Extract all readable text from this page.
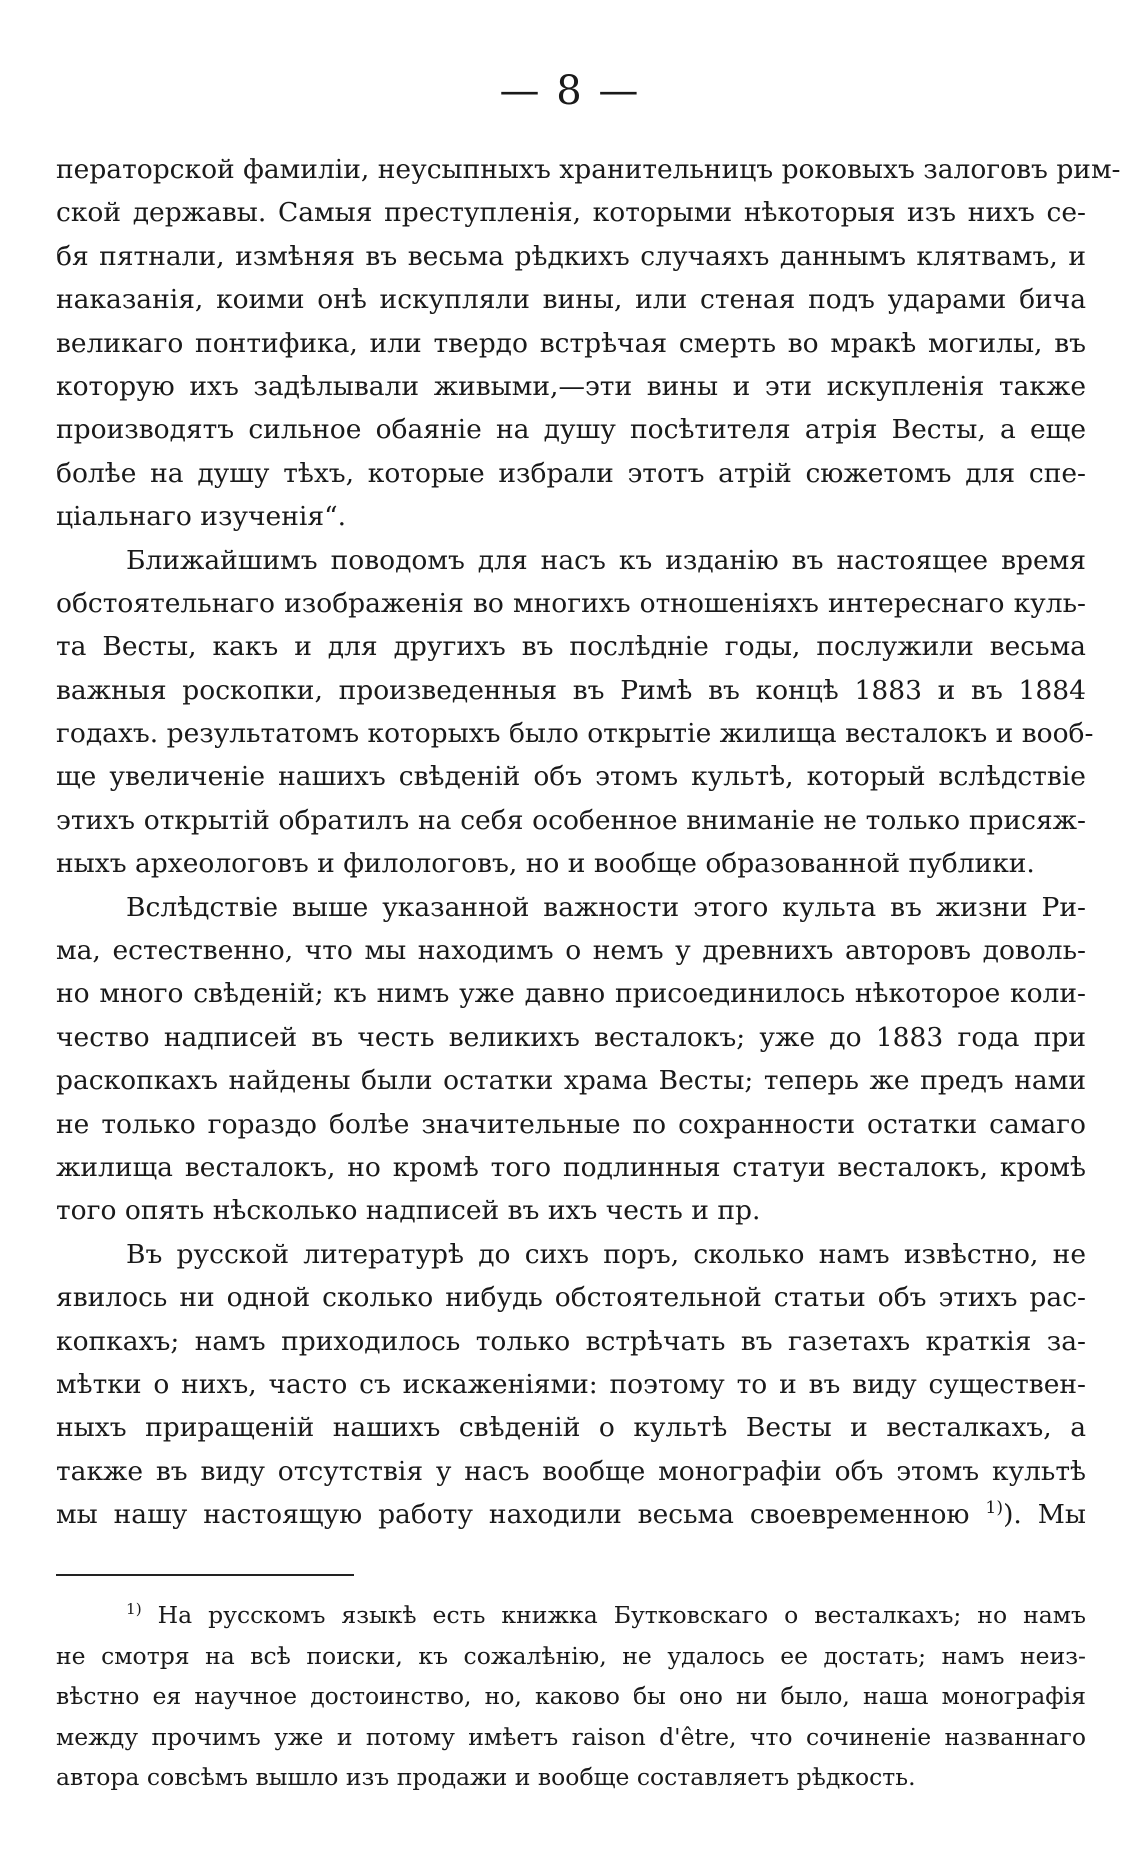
— 8 —
ператорской фамиліи, неусыпныхъ хранительницъ роковыхъ залоговъ рим-
ской державы. Самыя преступленія, которыми нѣкоторыя изъ нихъ се-
бя пятнали, измѣняя въ весьма рѣдкихъ случаяхъ даннымъ клятвамъ, и
наказанія, коими онѣ искупляли вины, или стеная подъ ударами бича
великаго понтифика, или твердо встрѣчая смерть во мракѣ могилы, въ
которую ихъ задѣлывали живыми,—эти вины и эти искупленія также
производятъ сильное обаяніе на душу посѣтителя атрія Весты, а еще
болѣе на душу тѣхъ, которые избрали этотъ атрій сюжетомъ для спе-
ціальнаго изученія“.
Ближайшимъ поводомъ для насъ къ изданію въ настоящее время
обстоятельнаго изображенія во многихъ отношеніяхъ интереснаго куль-
та Весты, какъ и для другихъ въ послѣдніе годы, послужили весьма
важныя роскопки, произведенныя въ Римѣ въ концѣ 1883 и въ 1884
годахъ. результатомъ которыхъ было открытіе жилища весталокъ и вооб-
ще увеличеніе нашихъ свѣденій объ этомъ культѣ, который вслѣдствіе
этихъ открытій обратилъ на себя особенное вниманіе не только присяж-
ныхъ археологовъ и филологовъ, но и вообще образованной публики.
Вслѣдствіе выше указанной важности этого культа въ жизни Ри-
ма, естественно, что мы находимъ о немъ у древнихъ авторовъ доволь-
но много свѣденій; къ нимъ уже давно присоединилось нѣкоторое коли-
чество надписей въ честь великихъ весталокъ; уже до 1883 года при
раскопкахъ найдены были остатки храма Весты; теперь же предъ нами
не только гораздо болѣе значительные по сохранности остатки самаго
жилища весталокъ, но кромѣ того подлинныя статуи весталокъ, кромѣ
того опять нѣсколько надписей въ ихъ честь и пр.
Въ русской литературѣ до сихъ поръ, сколько намъ извѣстно, не
явилось ни одной сколько нибудь обстоятельной статьи объ этихъ рас-
копкахъ; намъ приходилось только встрѣчать въ газетахъ краткія за-
мѣтки о нихъ, часто съ искаженіями: поэтому то и въ виду существен-
ныхъ приращеній нашихъ свѣденій о культѣ Весты и весталкахъ, а
также въ виду отсутствія у насъ вообще монографіи объ этомъ культѣ
мы нашу настоящую работу находили весьма своевременною $^{1)}$). Мы
$^{1)}$ На русскомъ языкѣ есть книжка Бутковскаго о весталкахъ; но намъ
не смотря на всѣ поиски, къ сожалѣнію, не удалось ее достать; намъ неиз-
вѣстно ея научное достоинство, но, каково бы оно ни было, наша монографія
между прочимъ уже и потому имѣетъ raison d'être, что сочиненіе названнаго
автора совсѣмъ вышло изъ продажи и вообще составляетъ рѣдкость.
